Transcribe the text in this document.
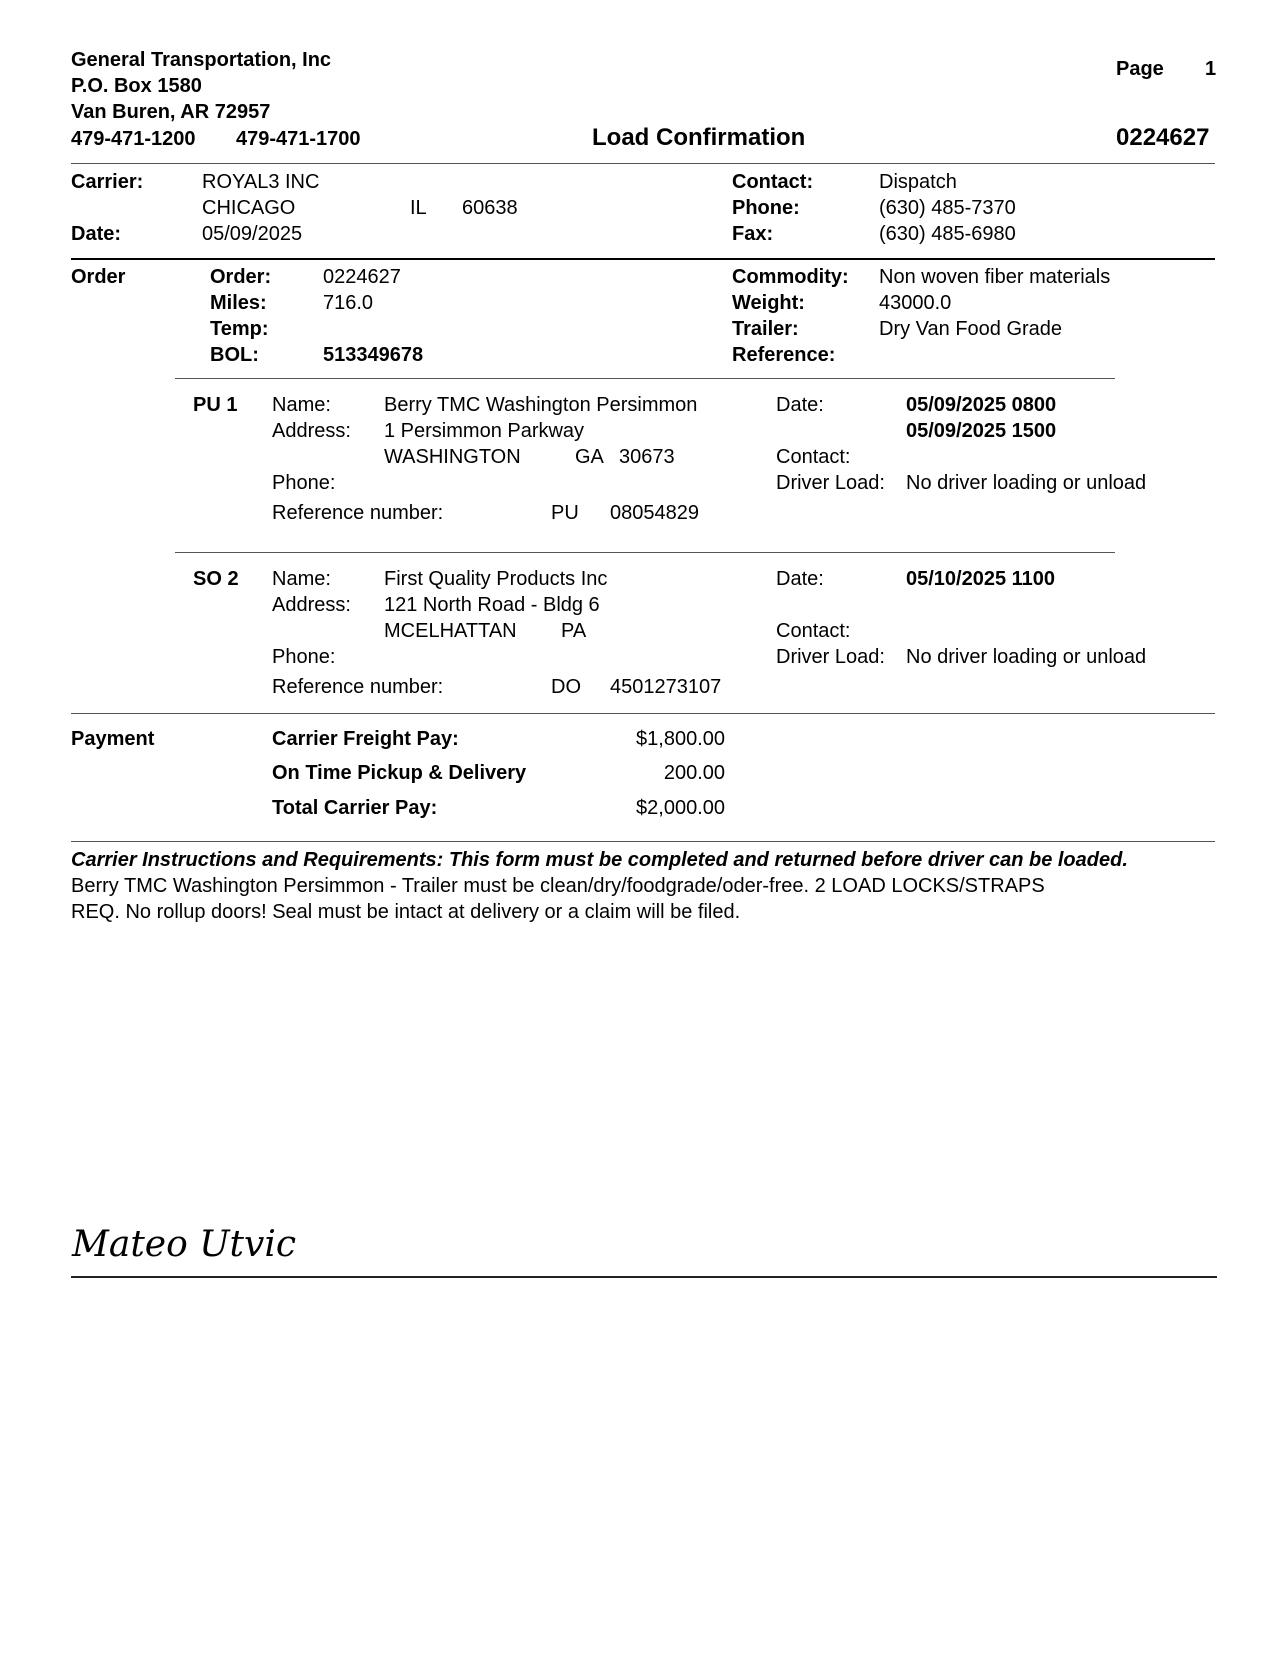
General Transportation, Inc
P.O. Box 1580
Van Buren, AR 72957
479-471-1200 479-471-1700
Page 1
Load Confirmation	0224627
Carrier:	ROYAL3 INC
CHICAGO	IL 60638
Date:	05/09/2025
Contact:	Dispatch
Phone:	(630) 485-7370
Fax:	(630) 485-6980
Order	Order:	0224627
Miles:	716.0
Temp:
BOL:	513349678
Commodity: Non woven fiber materials
Weight:	43000.0
Trailer:	Dry Van Food Grade
Reference:
PU 1 Name:	Berry TMC Washington Persimmon
Address: 1 Persimmon Parkway
WASHINGTON	GA 30673
Phone:
Reference number:	PU 08054829
Date:	05/09/2025 0800
05/09/2025 1500
Contact:
Driver Load: No driver loading or unload
SO 2 Name:	First Quality Products Inc
Address: 121 North Road - Bldg 6
MCELHATTAN PA
Phone:
Reference number:	DO 4501273107
Date:	05/10/2025 1100
Contact:
Driver Load: No driver loading or unload
Payment	Carrier Freight Pay:	$1,800.00
On Time Pickup & Delivery	200.00
Total Carrier Pay:	$2,000.00
Carrier Instructions and Requirements: This form must be completed and returned before driver can be loaded.
Berry TMC Washington Persimmon - Trailer must be clean/dry/foodgrade/oder-free. 2 LOAD LOCKS/STRAPS
REQ. No rollup doors! Seal must be intact at delivery or a claim will be filed.
Mateo Utvic
